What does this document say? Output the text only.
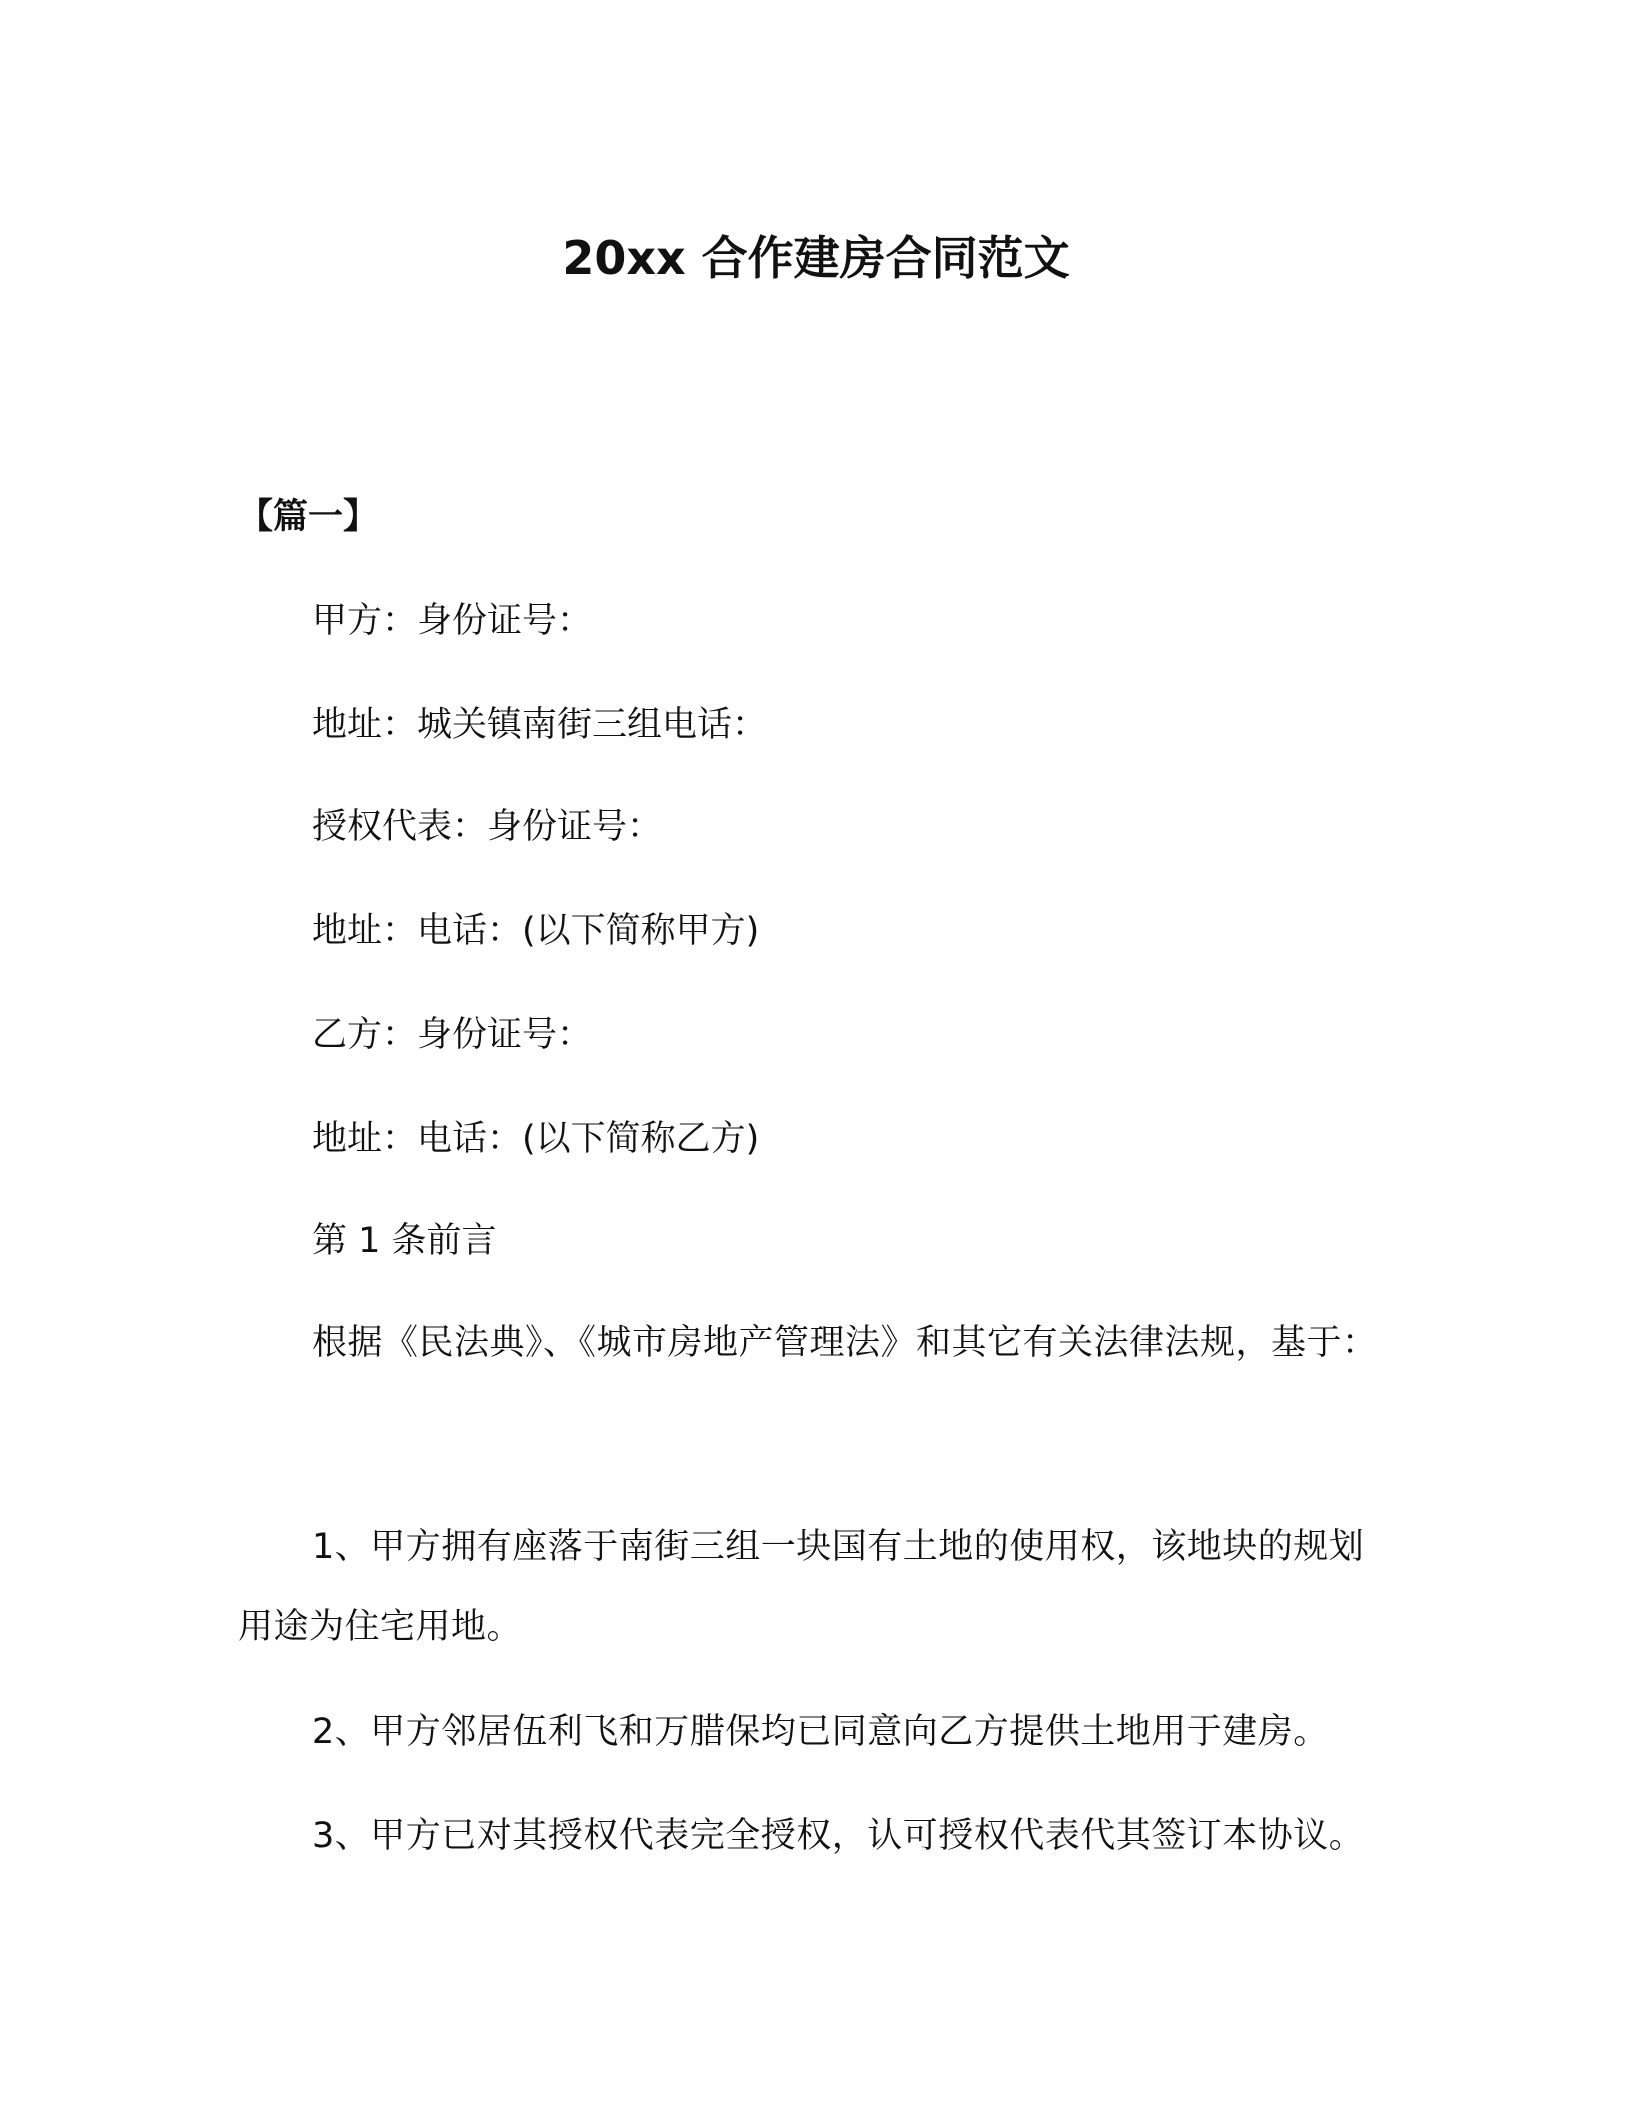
20xx 合作建房合同范文
【篇一】
甲方：身份证号：
地址：城关镇南街三组电话：
授权代表：身份证号：
地址：电话：(以下简称甲方)
乙方：身份证号：
地址：电话：(以下简称乙方)
第 1 条前言
根据《民法典》、《城市房地产管理法》和其它有关法律法规，基于：
1、甲方拥有座落于南街三组一块国有土地的使用权，该地块的规划用途为住宅用地。
2、甲方邻居伍利飞和万腊保均已同意向乙方提供土地用于建房。
3、甲方已对其授权代表完全授权，认可授权代表代其签订本协议。
